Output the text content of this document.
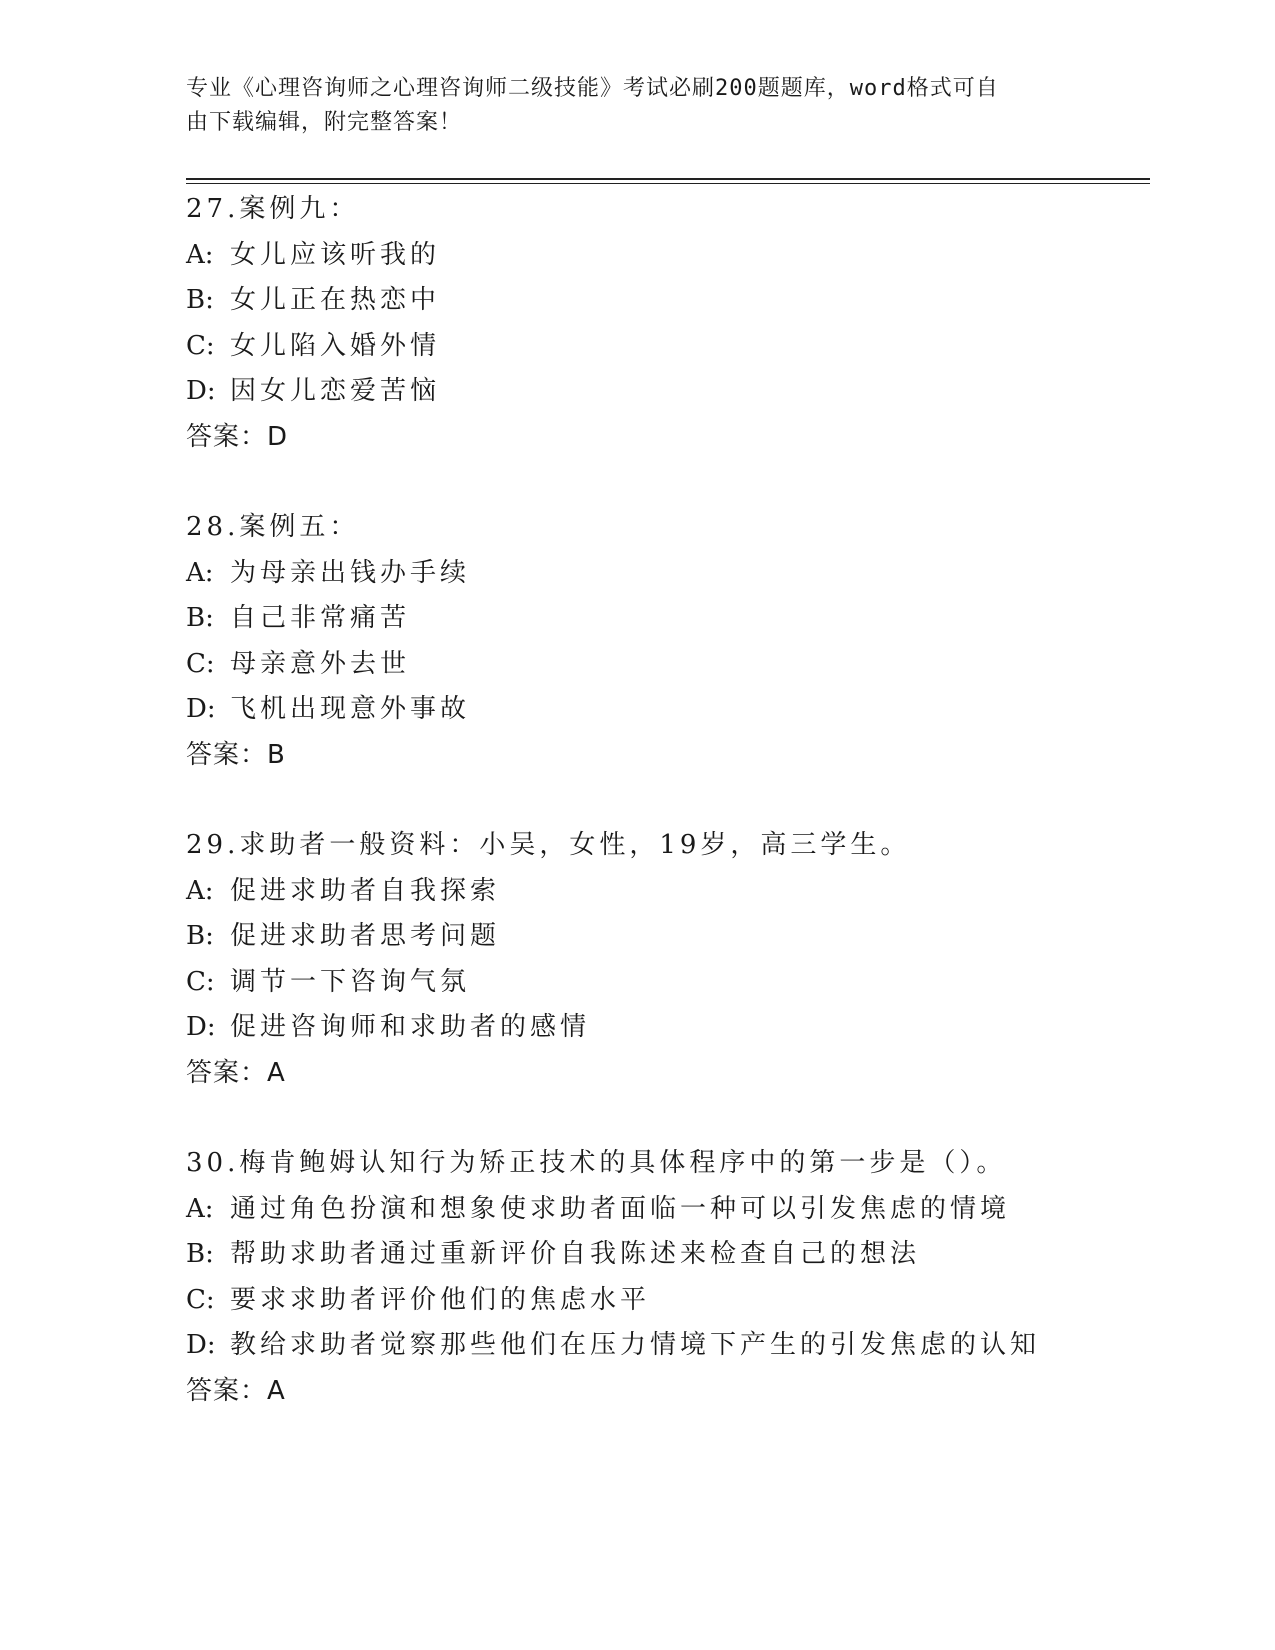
专业《心理咨询师之心理咨询师二级技能》考试必刷200题题库，word格式可自
由下载编辑，附完整答案！
27.案例九：
A: 女儿应该听我的
B: 女儿正在热恋中
C: 女儿陷入婚外情
D: 因女儿恋爱苦恼
答案：D
28.案例五：
A: 为母亲出钱办手续
B: 自己非常痛苦
C: 母亲意外去世
D: 飞机出现意外事故
答案：B
29.求助者一般资料：小吴，女性，19岁，高三学生。
A: 促进求助者自我探索
B: 促进求助者思考问题
C: 调节一下咨询气氛
D: 促进咨询师和求助者的感情
答案：A
30.梅肯鲍姆认知行为矫正技术的具体程序中的第一步是（）。
A: 通过角色扮演和想象使求助者面临一种可以引发焦虑的情境
B: 帮助求助者通过重新评价自我陈述来检查自己的想法
C: 要求求助者评价他们的焦虑水平
D: 教给求助者觉察那些他们在压力情境下产生的引发焦虑的认知
答案：A
